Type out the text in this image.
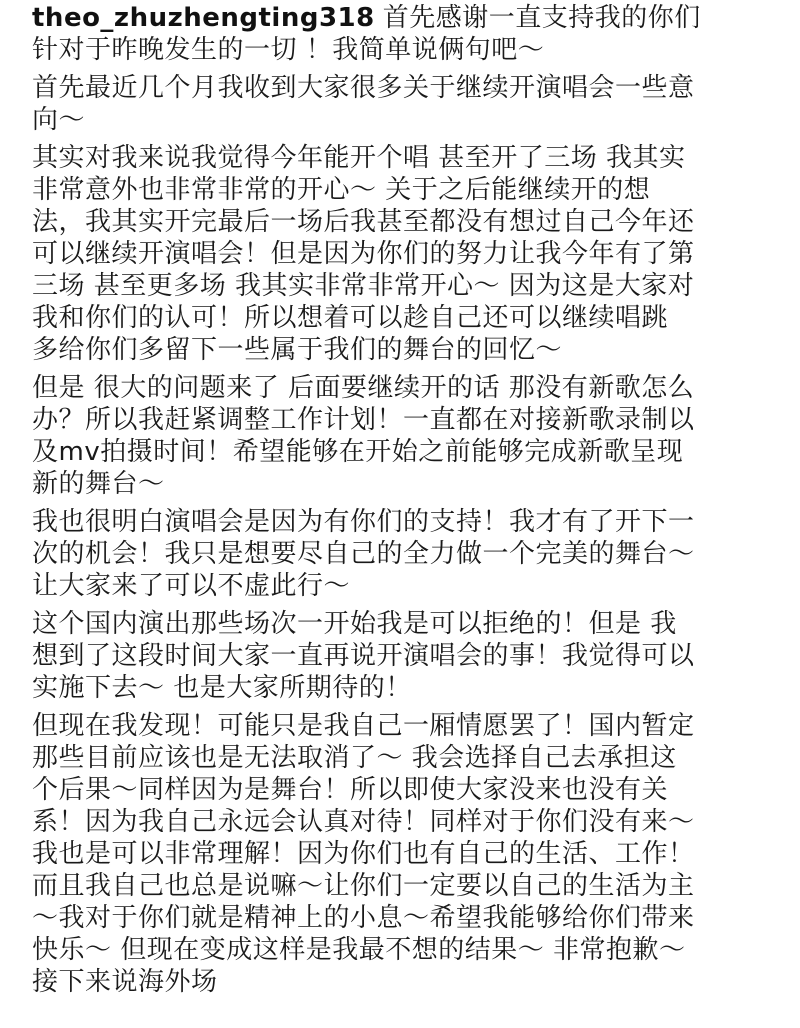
theo_zhuzhengting318 首先感谢一直支持我的你们
针对于昨晚发生的一切 ！我简单说俩句吧～
首先最近几个月我收到大家很多关于继续开演唱会一些意
向～
其实对我来说我觉得今年能开个唱 甚至开了三场 我其实
非常意外也非常非常的开心～ 关于之后能继续开的想
法，我其实开完最后一场后我甚至都没有想过自己今年还
可以继续开演唱会！但是因为你们的努力让我今年有了第
三场 甚至更多场 我其实非常非常开心～ 因为这是大家对
我和你们的认可！所以想着可以趁自己还可以继续唱跳
多给你们多留下一些属于我们的舞台的回忆～
但是 很大的问题来了 后面要继续开的话 那没有新歌怎么
办？所以我赶紧调整工作计划！一直都在对接新歌录制以
及mv拍摄时间！希望能够在开始之前能够完成新歌呈现
新的舞台～
我也很明白演唱会是因为有你们的支持！我才有了开下一
次的机会！我只是想要尽自己的全力做一个完美的舞台～
让大家来了可以不虚此行～
这个国内演出那些场次一开始我是可以拒绝的！但是 我
想到了这段时间大家一直再说开演唱会的事！我觉得可以
实施下去～ 也是大家所期待的！
但现在我发现！可能只是我自己一厢情愿罢了！国内暂定
那些目前应该也是无法取消了～ 我会选择自己去承担这
个后果～同样因为是舞台！所以即使大家没来也没有关
系！因为我自己永远会认真对待！同样对于你们没有来～
我也是可以非常理解！因为你们也有自己的生活、工作！
而且我自己也总是说嘛～让你们一定要以自己的生活为主
～我对于你们就是精神上的小息～希望我能够给你们带来
快乐～ 但现在变成这样是我最不想的结果～ 非常抱歉～
接下来说海外场
